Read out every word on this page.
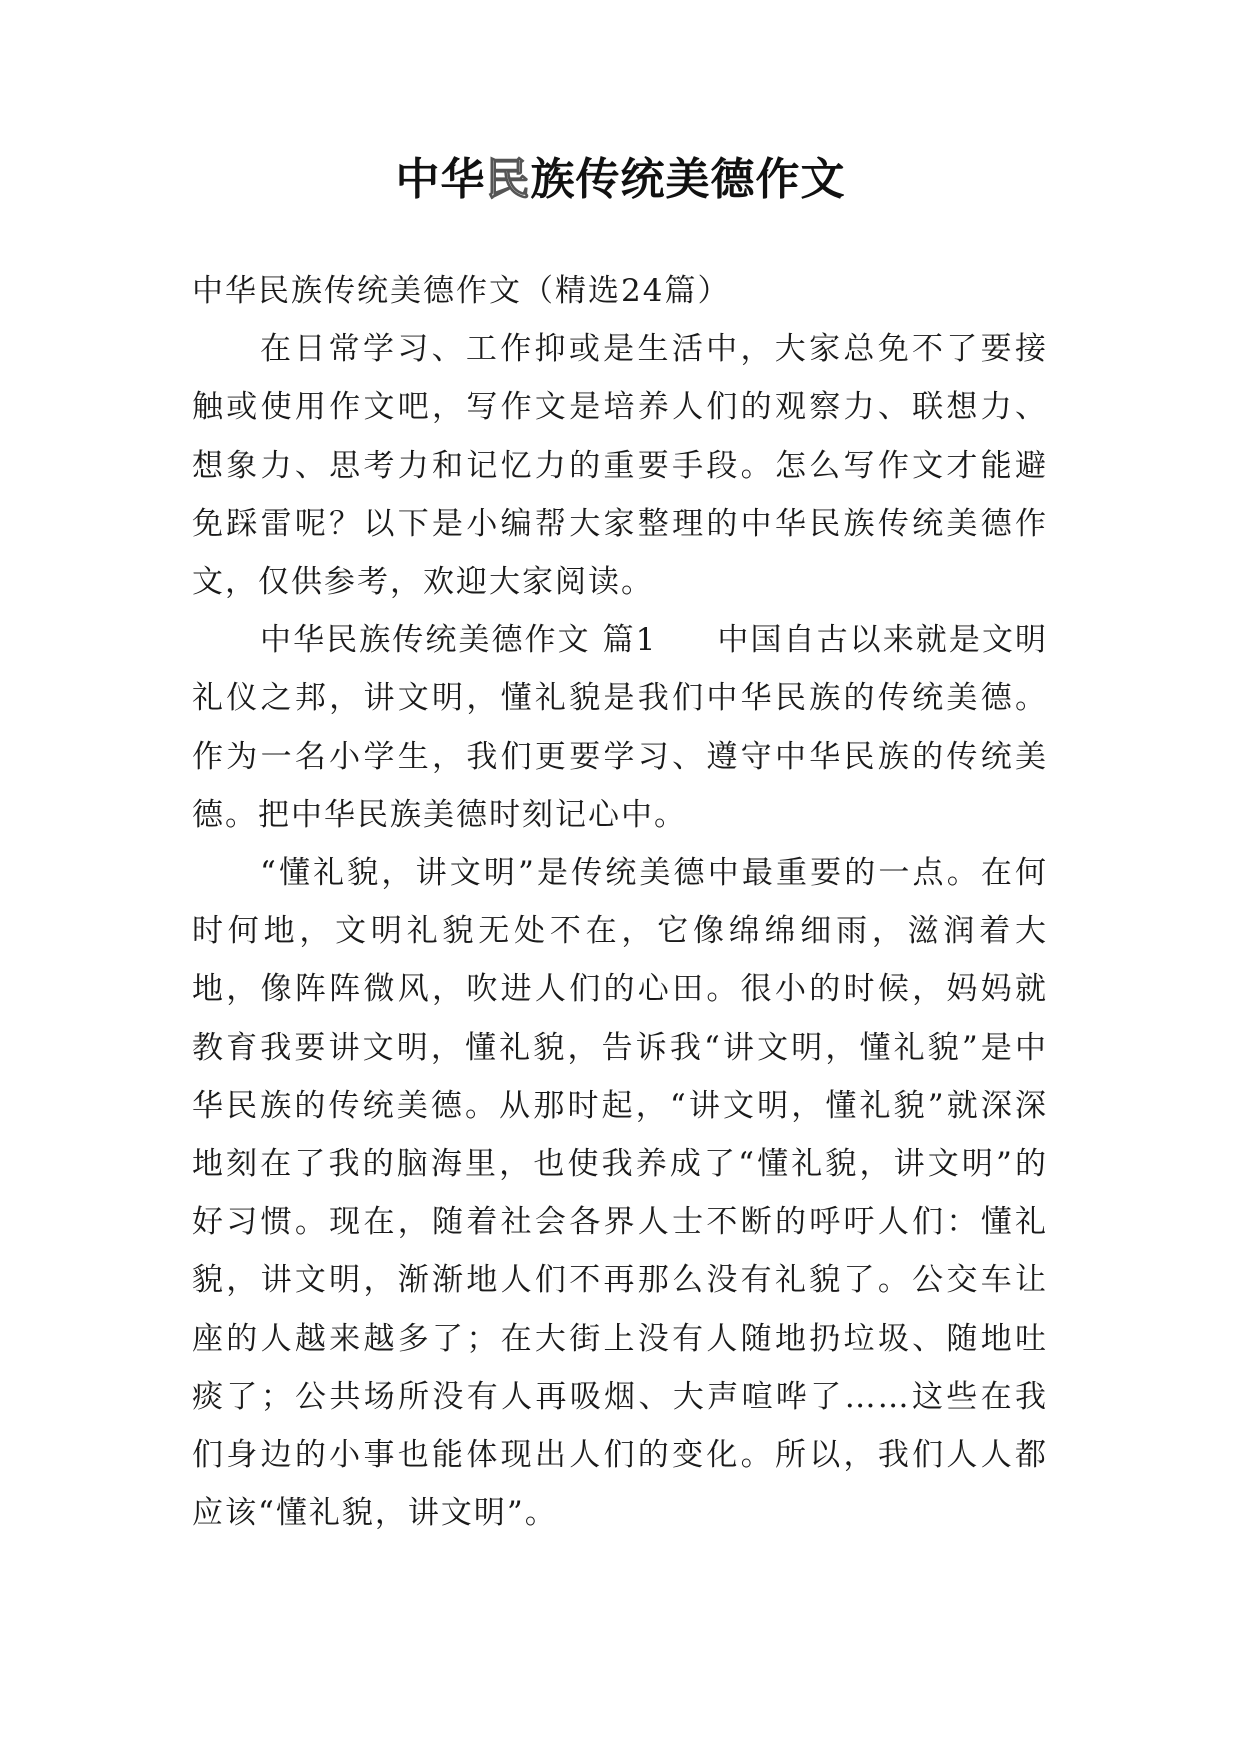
中华民族传统美德作文

中华民族传统美德作文（精选24篇）

在日常学习、工作抑或是生活中，大家总免不了要接触或使用作文吧，写作文是培养人们的观察力、联想力、想象力、思考力和记忆力的重要手段。怎么写作文才能避免踩雷呢？以下是小编帮大家整理的中华民族传统美德作文，仅供参考，欢迎大家阅读。

中华民族传统美德作文 篇1 中国自古以来就是文明礼仪之邦，讲文明，懂礼貌是我们中华民族的传统美德。作为一名小学生，我们更要学习、遵守中华民族的传统美德。把中华民族美德时刻记心中。

“懂礼貌，讲文明”是传统美德中最重要的一点。在何时何地，文明礼貌无处不在，它像绵绵细雨，滋润着大地，像阵阵微风，吹进人们的心田。很小的时候，妈妈就教育我要讲文明，懂礼貌，告诉我“讲文明，懂礼貌”是中华民族的传统美德。从那时起，“讲文明，懂礼貌”就深深地刻在了我的脑海里，也使我养成了“懂礼貌，讲文明”的好习惯。现在，随着社会各界人士不断的呼吁人们：懂礼貌，讲文明，渐渐地人们不再那么没有礼貌了。公交车让座的人越来越多了；在大街上没有人随地扔垃圾、随地吐痰了；公共场所没有人再吸烟、大声喧哗了……这些在我们身边的小事也能体现出人们的变化。所以，我们人人都应该“懂礼貌，讲文明”。
